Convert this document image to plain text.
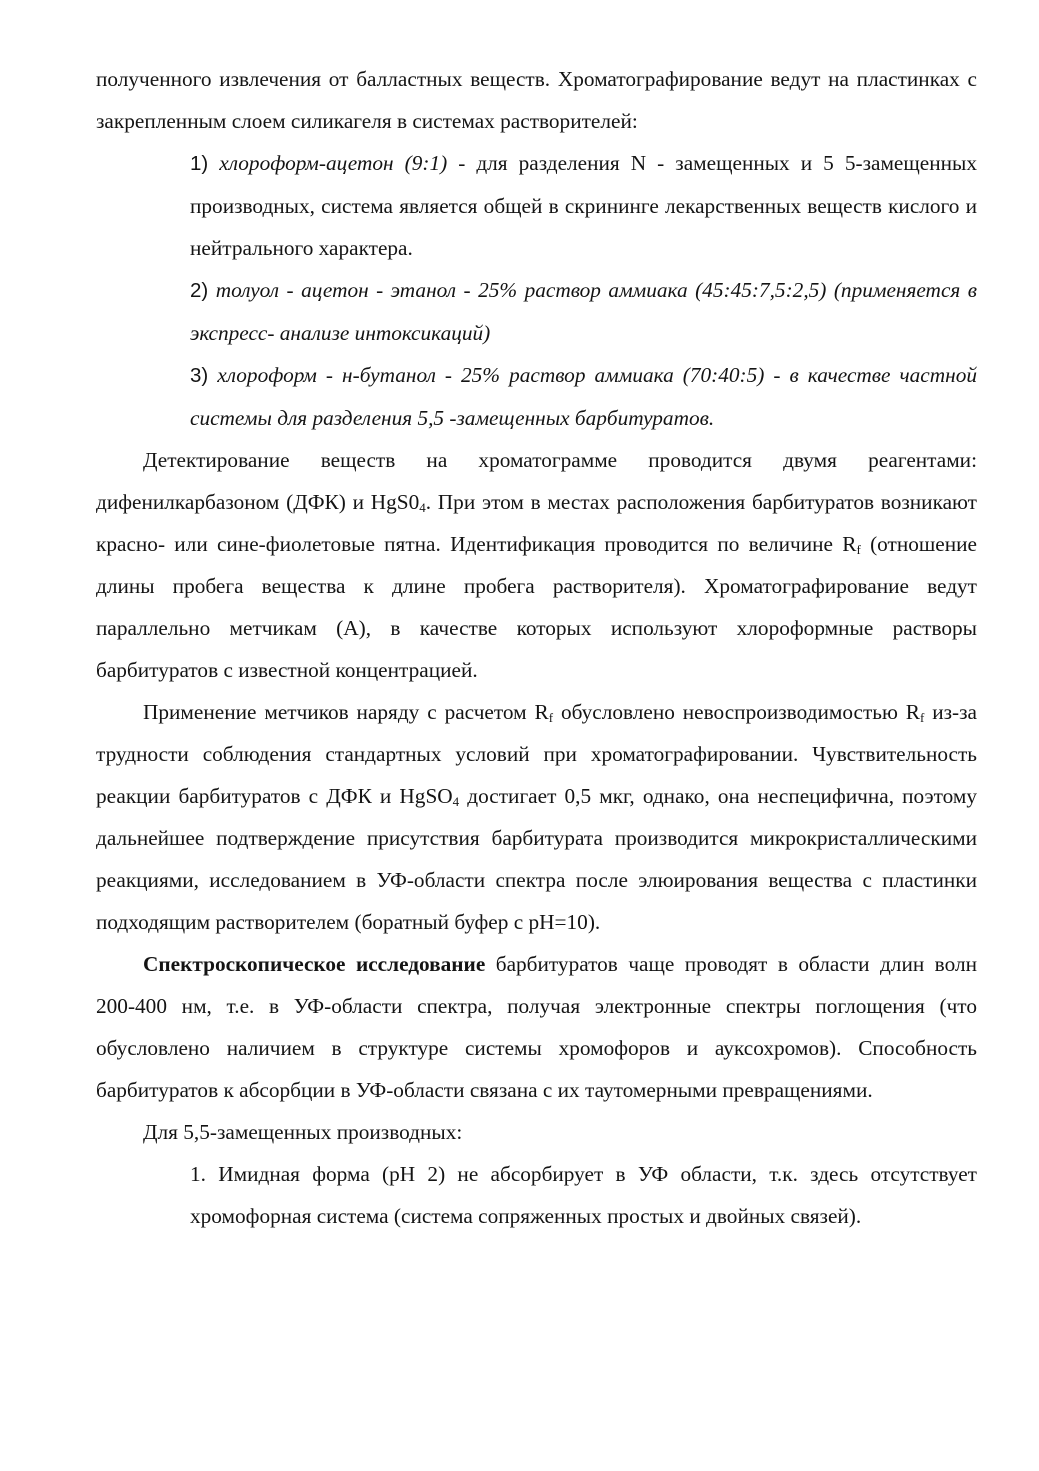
полученного извлечения от балластных веществ. Хроматографирование ведут на пластинках с закрепленным слоем силикагеля в системах растворителей:

1) хлороформ-ацетон (9:1) - для разделения N - замещенных и 5 5-замещенных производных, система является общей в скрининге лекарственных веществ кислого и нейтрального характера.

2) толуол - ацетон - этанол - 25% раствор аммиака (45:45:7,5:2,5) (применяется в экспресс- анализе интоксикаций)

3) хлороформ - н-бутанол - 25% раствор аммиака (70:40:5) - в качестве частной системы для разделения 5,5 -замещенных барбитуратов.

Детектирование веществ на хроматограмме проводится двумя реагентами: дифенилкарбазоном (ДФК) и $HgS0_4$. При этом в местах расположения барбитуратов возникают красно- или сине-фиолетовые пятна. Идентификация проводится по величине $R_f$ (отношение длины пробега вещества к длине пробега растворителя). Хроматографирование ведут параллельно метчикам (А), в качестве которых используют хлороформные растворы барбитуратов с известной концентрацией.

Применение метчиков наряду с расчетом $R_f$ обусловлено невоспроизводимостью $R_f$ из-за трудности соблюдения стандартных условий при хроматографировании. Чувствительность реакции барбитуратов с ДФК и HgSO$_4$ достигает 0,5 мкг, однако, она неспецифична, поэтому дальнейшее подтверждение присутствия барбитурата производится микрокристаллическими реакциями, исследованием в УФ-области спектра после элюирования вещества с пластинки подходящим растворителем (боратный буфер с pH=10).

Спектроскопическое исследование барбитуратов чаще проводят в области длин волн 200-400 нм, т.е. в УФ-области спектра, получая электронные спектры поглощения (что обусловлено наличием в структуре системы хромофоров и ауксохромов). Способность барбитуратов к абсорбции в УФ-области связана с их таутомерными превращениями.

Для 5,5-замещенных производных:

1. Имидная форма (рН 2) не абсорбирует в УФ области, т.к. здесь отсутствует хромофорная система (система сопряженных простых и двойных связей).
